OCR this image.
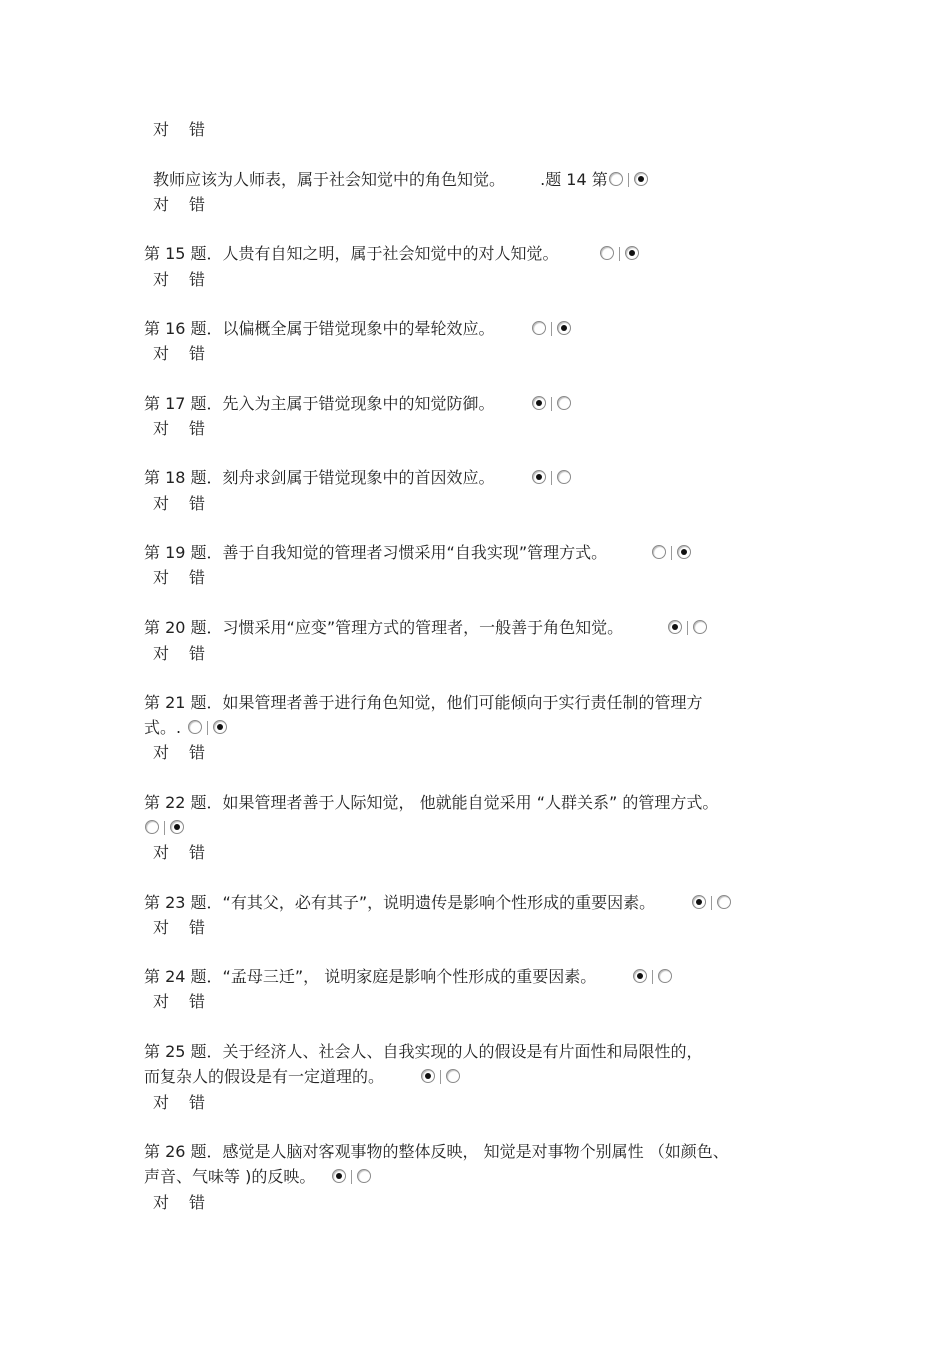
对 错
教师应该为人师表，属于社会知觉中的角色知觉。 .题 14 第
对 错
第 15 题．人贵有自知之明，属于社会知觉中的对人知觉。
对 错
第 16 题．以偏概全属于错觉现象中的晕轮效应。
对 错
第 17 题．先入为主属于错觉现象中的知觉防御。
对 错
第 18 题．刻舟求剑属于错觉现象中的首因效应。
对 错
第 19 题．善于自我知觉的管理者习惯采用“自我实现”管理方式。
对 错
第 20 题．习惯采用“应变”管理方式的管理者，一般善于角色知觉。
对 错
第 21 题．如果管理者善于进行角色知觉，他们可能倾向于实行责任制的管理方
式。.
对 错
第 22 题．如果管理者善于人际知觉， 他就能自觉采用 “人群关系” 的管理方式。
对 错
第 23 题．“有其父，必有其子”，说明遗传是影响个性形成的重要因素。
对 错
第 24 题．“孟母三迁”， 说明家庭是影响个性形成的重要因素。
对 错
第 25 题．关于经济人、社会人、自我实现的人的假设是有片面性和局限性的，
而复杂人的假设是有一定道理的。
对 错
第 26 题．感觉是人脑对客观事物的整体反映， 知觉是对事物个别属性 （如颜色、
声音、气味等 )的反映。
对 错
